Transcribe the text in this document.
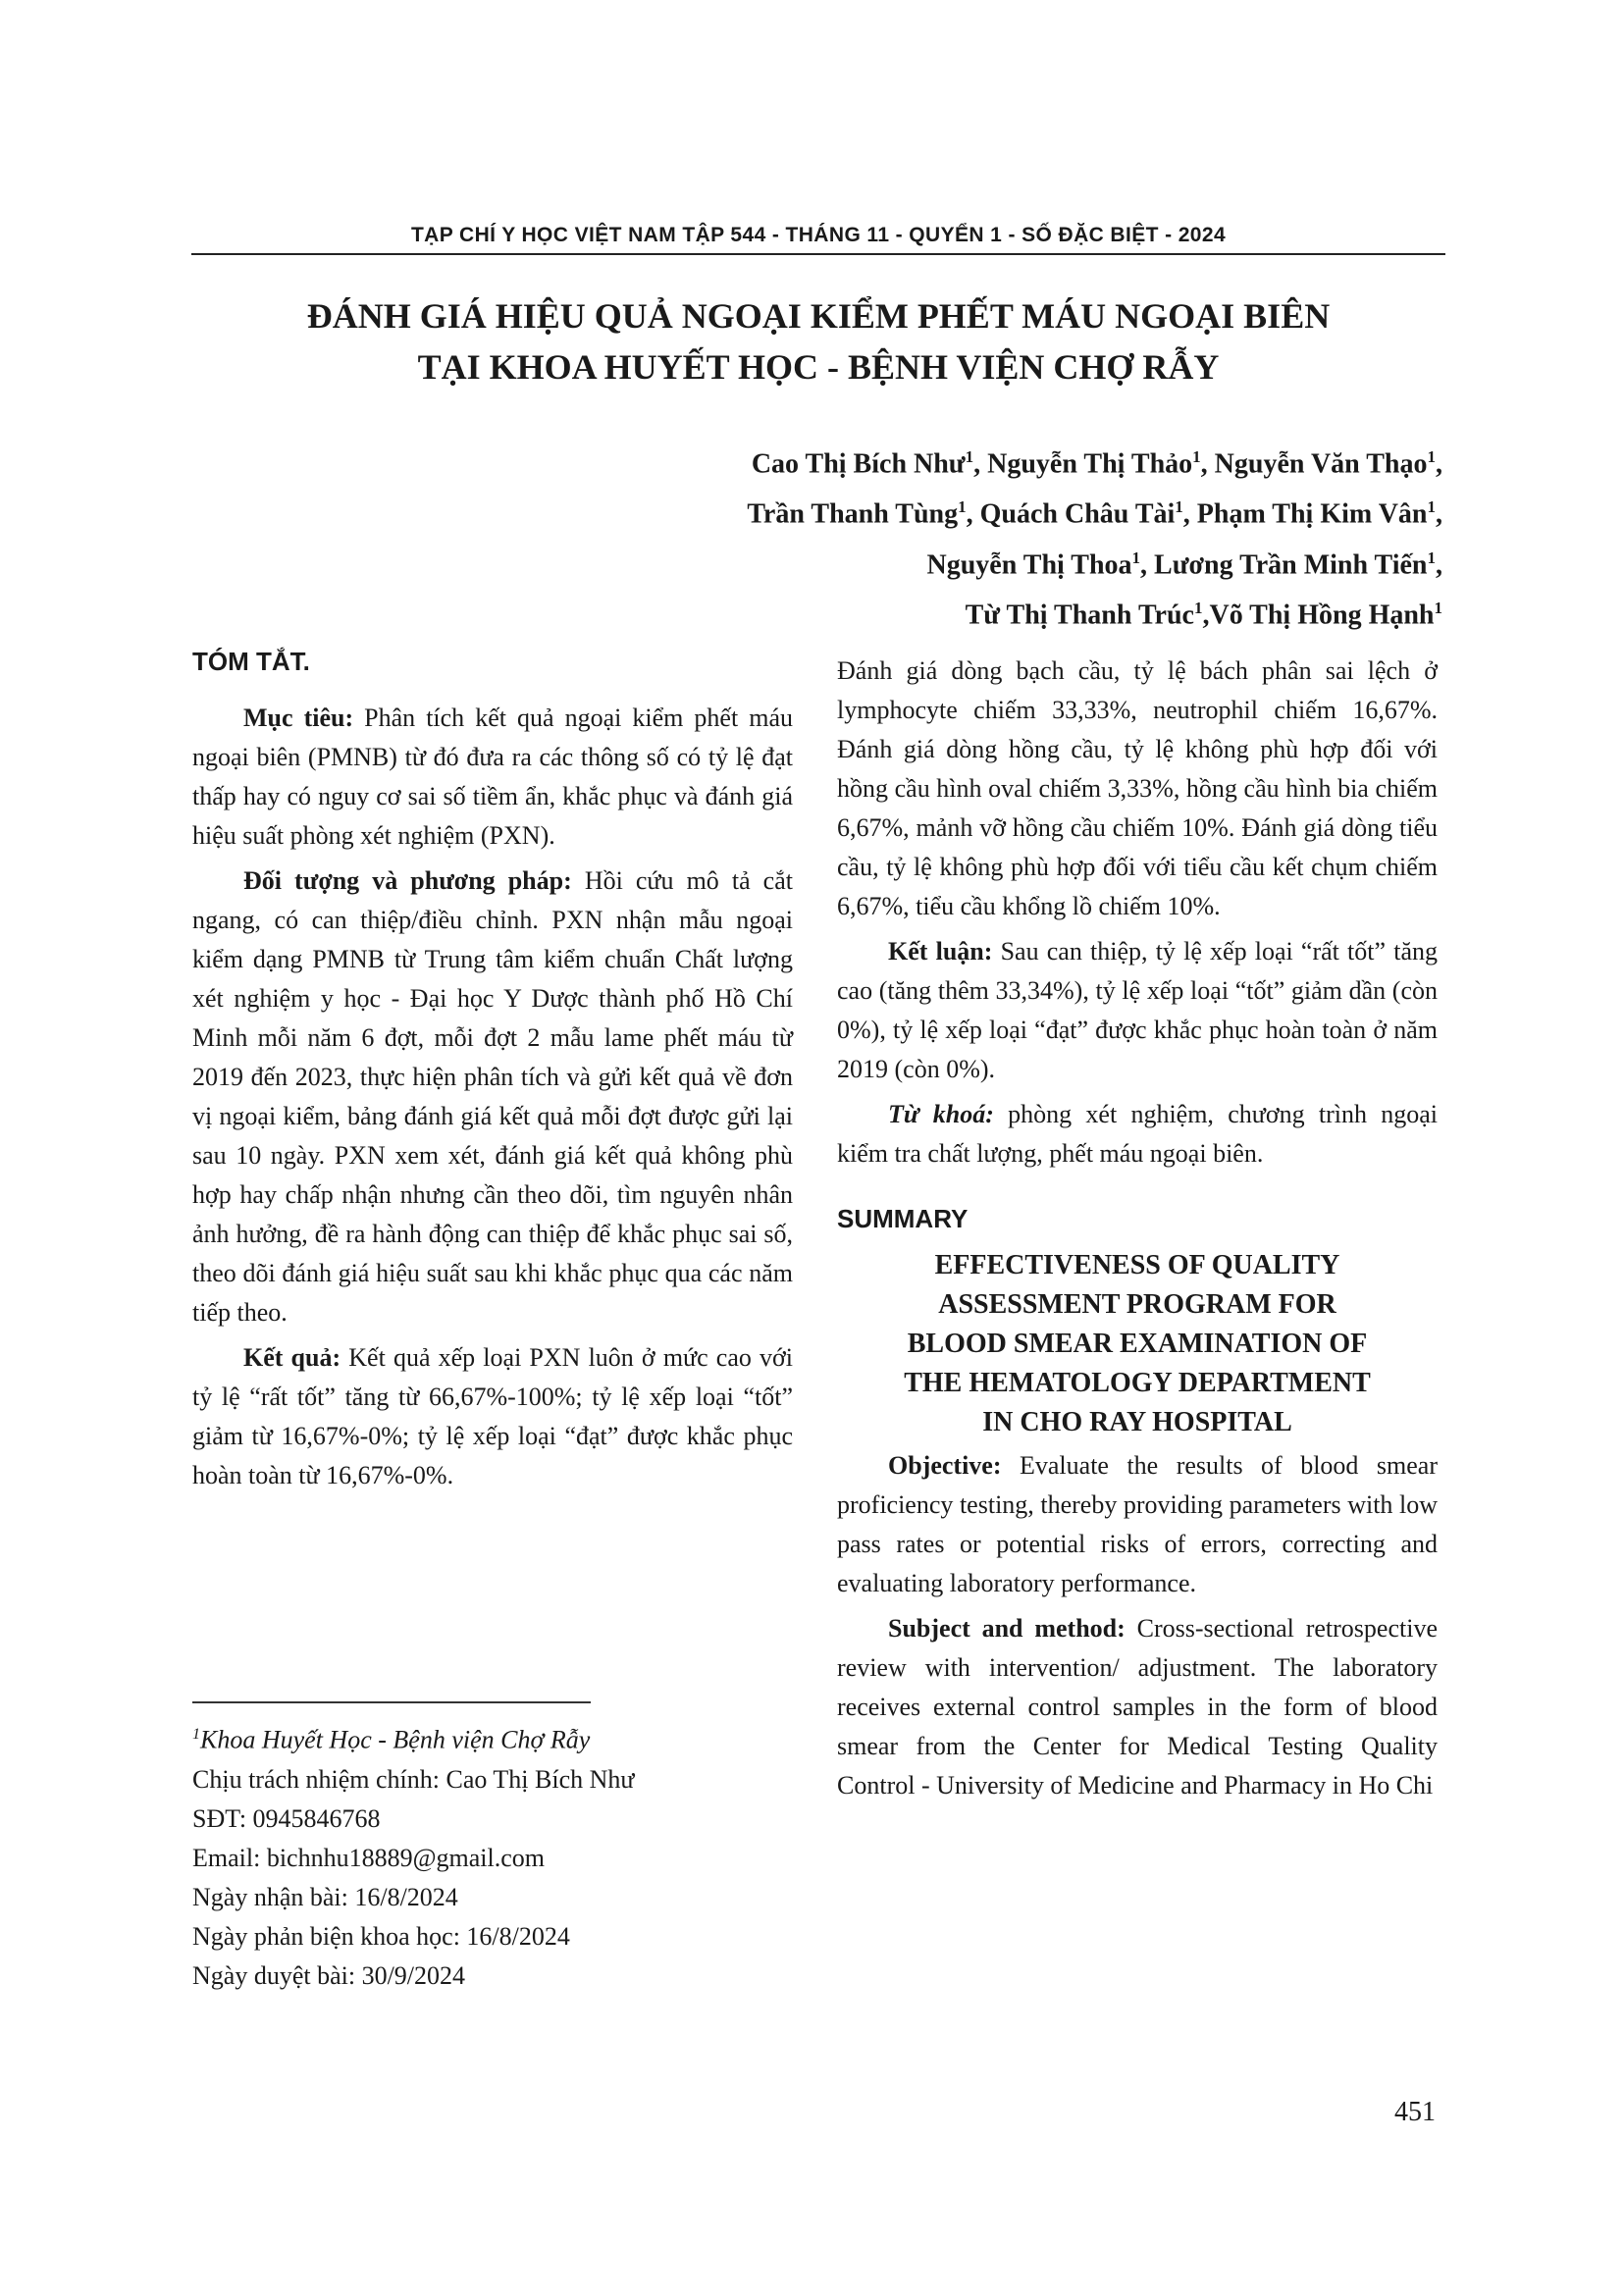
TẠP CHÍ Y HỌC VIỆT NAM TẬP 544 - THÁNG 11 - QUYỂN 1 - SỐ ĐẶC BIỆT - 2024
ĐÁNH GIÁ HIỆU QUẢ NGOẠI KIỂM PHẾT MÁU NGOẠI BIÊN
TẠI KHOA HUYẾT HỌC - BỆNH VIỆN CHỢ RẪY
Cao Thị Bích Như$^1$, Nguyễn Thị Thảo$^1$, Nguyễn Văn Thạo$^1$,
Trần Thanh Tùng$^1$, Quách Châu Tài$^1$, Phạm Thị Kim Vân$^1$,
Nguyễn Thị Thoa$^1$, Lương Trần Minh Tiến$^1$,
Từ Thị Thanh Trúc$^1$,Võ Thị Hồng Hạnh$^1$
TÓM TẮT.

Mục tiêu: Phân tích kết quả ngoại kiểm phết máu ngoại biên (PMNB) từ đó đưa ra các thông số có tỷ lệ đạt thấp hay có nguy cơ sai số tiềm ẩn, khắc phục và đánh giá hiệu suất phòng xét nghiệm (PXN).

Đối tượng và phương pháp: Hồi cứu mô tả cắt ngang, có can thiệp/điều chỉnh. PXN nhận mẫu ngoại kiểm dạng PMNB từ Trung tâm kiểm chuẩn Chất lượng xét nghiệm y học - Đại học Y Dược thành phố Hồ Chí Minh mỗi năm 6 đợt, mỗi đợt 2 mẫu lame phết máu từ 2019 đến 2023, thực hiện phân tích và gửi kết quả về đơn vị ngoại kiểm, bảng đánh giá kết quả mỗi đợt được gửi lại sau 10 ngày. PXN xem xét, đánh giá kết quả không phù hợp hay chấp nhận nhưng cần theo dõi, tìm nguyên nhân ảnh hưởng, đề ra hành động can thiệp để khắc phục sai số, theo dõi đánh giá hiệu suất sau khi khắc phục qua các năm tiếp theo.

Kết quả: Kết quả xếp loại PXN luôn ở mức cao với tỷ lệ “rất tốt” tăng từ 66,67%-100%; tỷ lệ xếp loại “tốt” giảm từ 16,67%-0%; tỷ lệ xếp loại “đạt” được khắc phục hoàn toàn từ 16,67%-0%.

$^1$Khoa Huyết Học - Bệnh viện Chợ Rẫy
Chịu trách nhiệm chính: Cao Thị Bích Như
SĐT: 0945846768
Email: bichnhu18889@gmail.com
Ngày nhận bài: 16/8/2024
Ngày phản biện khoa học: 16/8/2024
Ngày duyệt bài: 30/9/2024

Đánh giá dòng bạch cầu, tỷ lệ bách phân sai lệch ở lymphocyte chiếm 33,33%, neutrophil chiếm 16,67%. Đánh giá dòng hồng cầu, tỷ lệ không phù hợp đối với hồng cầu hình oval chiếm 3,33%, hồng cầu hình bia chiếm 6,67%, mảnh vỡ hồng cầu chiếm 10%. Đánh giá dòng tiểu cầu, tỷ lệ không phù hợp đối với tiểu cầu kết chụm chiếm 6,67%, tiểu cầu khổng lồ chiếm 10%.

Kết luận: Sau can thiệp, tỷ lệ xếp loại “rất tốt” tăng cao (tăng thêm 33,34%), tỷ lệ xếp loại “tốt” giảm dần (còn 0%), tỷ lệ xếp loại “đạt” được khắc phục hoàn toàn ở năm 2019 (còn 0%).

Từ khoá: phòng xét nghiệm, chương trình ngoại kiểm tra chất lượng, phết máu ngoại biên.

SUMMARY
EFFECTIVENESS OF QUALITY
ASSESSMENT PROGRAM FOR
BLOOD SMEAR EXAMINATION OF
THE HEMATOLOGY DEPARTMENT
IN CHO RAY HOSPITAL

Objective: Evaluate the results of blood smear proficiency testing, thereby providing parameters with low pass rates or potential risks of errors, correcting and evaluating laboratory performance.

Subject and method: Cross-sectional retrospective review with intervention/ adjustment. The laboratory receives external control samples in the form of blood smear from the Center for Medical Testing Quality Control - University of Medicine and Pharmacy in Ho Chi

451
